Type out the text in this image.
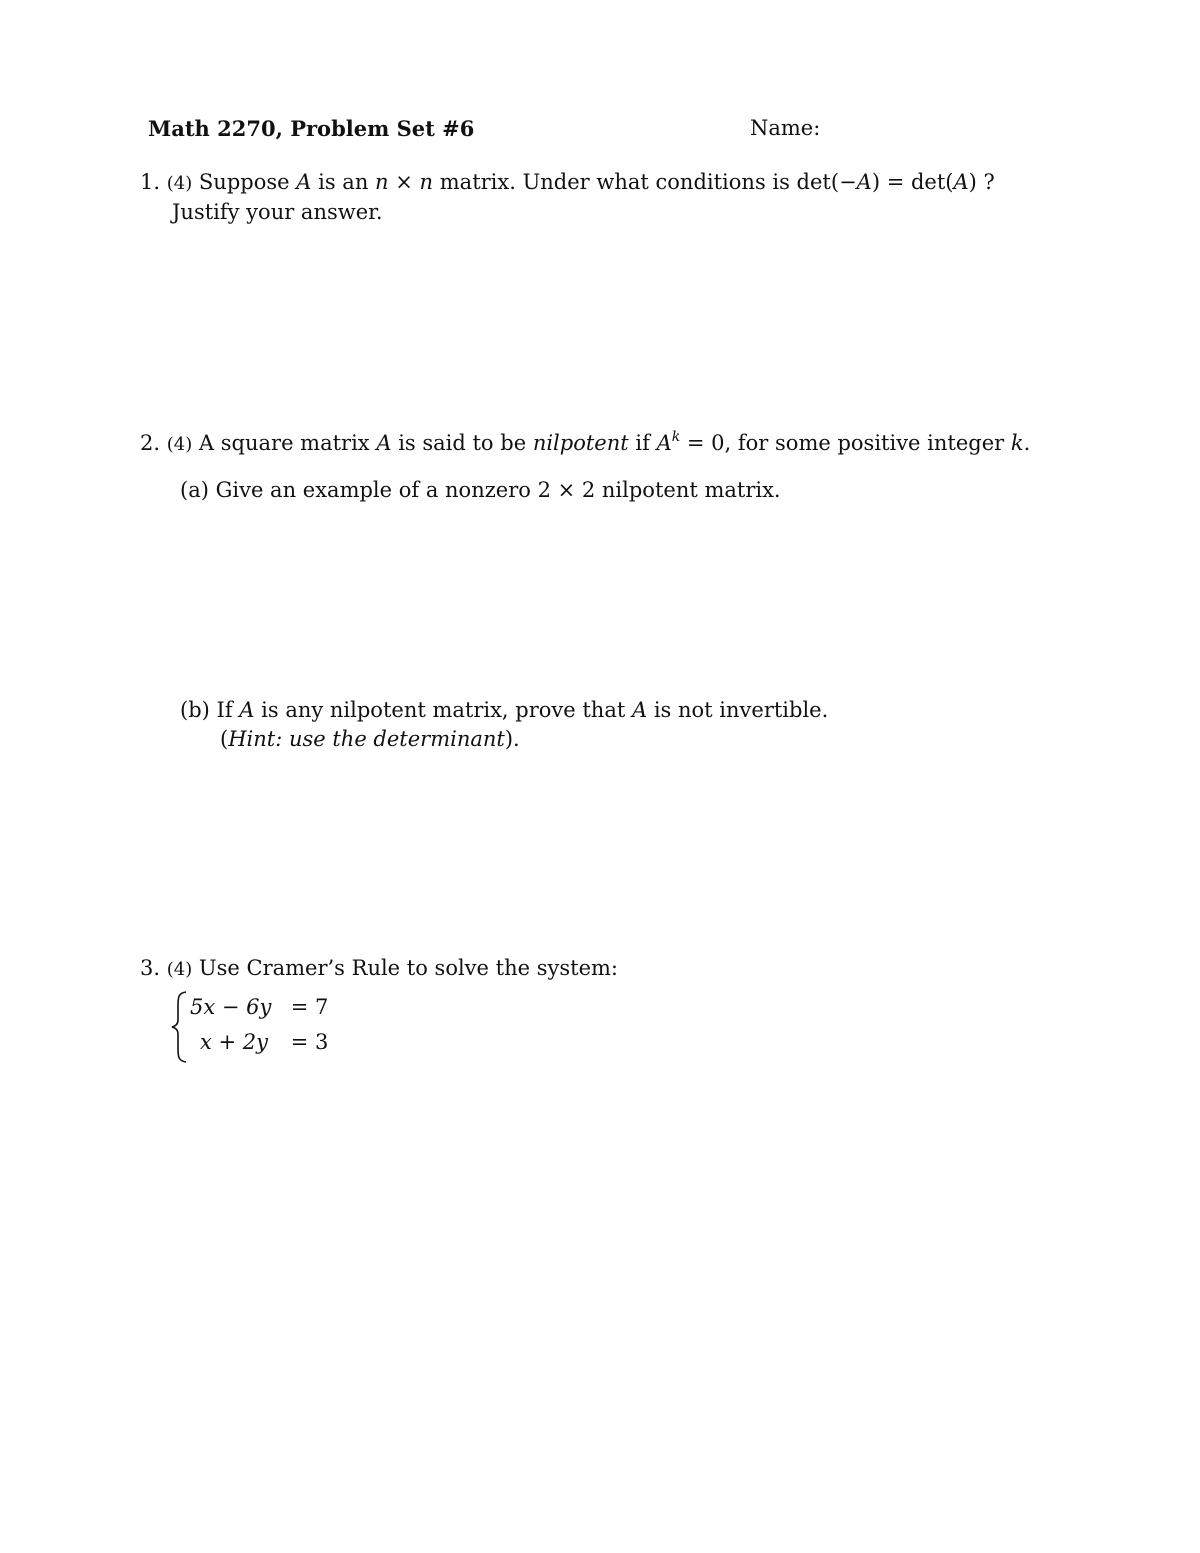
Math 2270, Problem Set #6	Name:
1. (4) Suppose A is an n × n matrix. Under what conditions is det(−A) = det(A) ?
Justify your answer.
2. (4) A square matrix A is said to be nilpotent if $A^k = 0$, for some positive integer k.
(a) Give an example of a nonzero 2 × 2 nilpotent matrix.
(b) If A is any nilpotent matrix, prove that A is not invertible.
(Hint: use the determinant).
3. (4) Use Cramer’s Rule to solve the system:
5x − 6y = 7
x + 2y = 3
